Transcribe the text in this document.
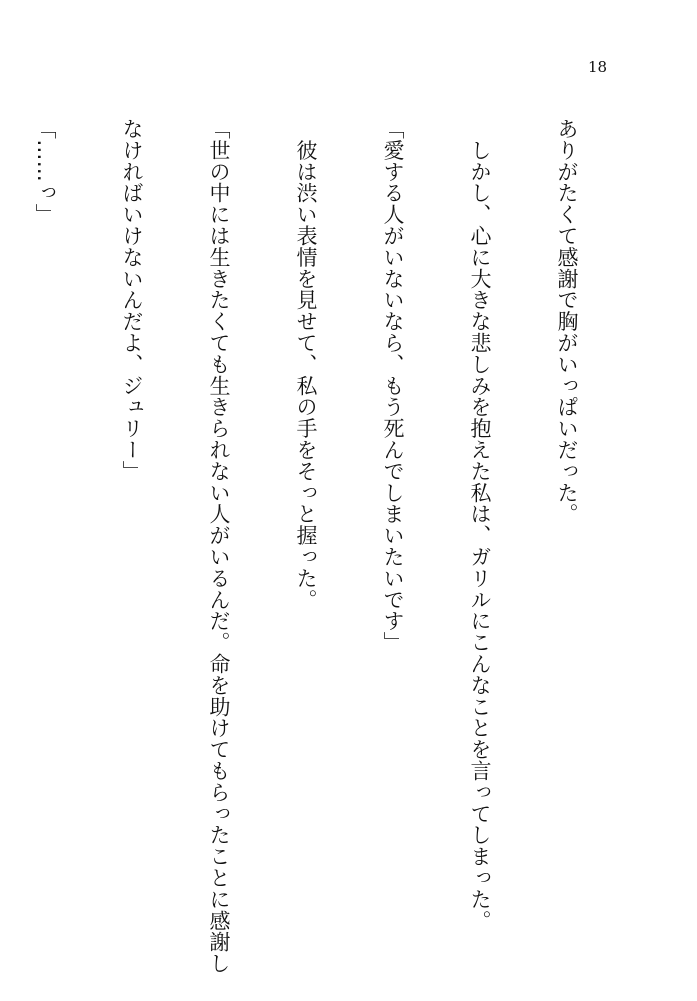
18

ありがたくて感謝で胸がいっぱいだった。

　しかし、心に大きな悲しみを抱えた私は、ガリルにこんなことを言ってしまった。

「愛する人がいないなら、もう死んでしまいたいです」

　彼は渋い表情を見せて、私の手をそっと握った。

「世の中には生きたくても生きられない人がいるんだ。命を助けてもらったことに感謝し

なければいけないんだよ、ジュリー」

「……っ」
